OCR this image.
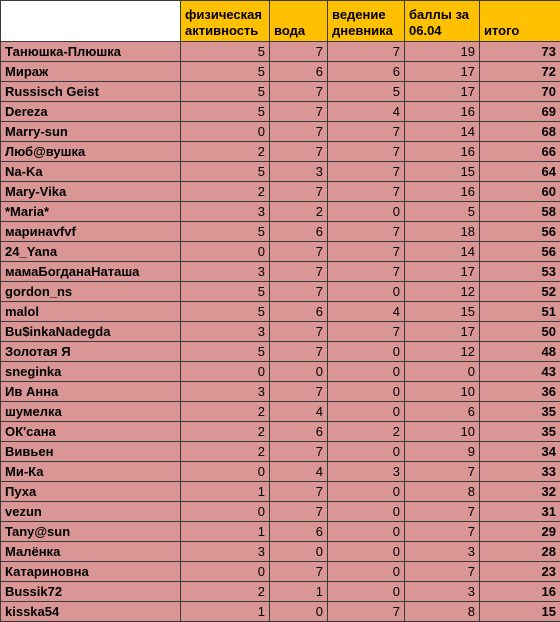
	физическая активность	вода	ведение дневника	баллы за 06.04	итого
Танюшка-Плюшка	5	7	7	19	73
Мираж	5	6	6	17	72
Russisch Geist	5	7	5	17	70
Dereza	5	7	4	16	69
Marry-sun	0	7	7	14	68
Люб@вушка	2	7	7	16	66
Na-Ka	5	3	7	15	64
Mary-Vika	2	7	7	16	60
*Maria*	3	2	0	5	58
маринаvfvf	5	6	7	18	56
24_Yana	0	7	7	14	56
мамаБогданаНаташа	3	7	7	17	53
gordon_ns	5	7	0	12	52
malol	5	6	4	15	51
Bu$inkaNadegda	3	7	7	17	50
Золотая Я	5	7	0	12	48
sneginka	0	0	0	0	43
Ив Анна	3	7	0	10	36
шумелка	2	4	0	6	35
ОК'сана	2	6	2	10	35
Вивьен	2	7	0	9	34
Ми-Ка	0	4	3	7	33
Пуха	1	7	0	8	32
vezun	0	7	0	7	31
Tany@sun	1	6	0	7	29
Малёнка	3	0	0	3	28
Катариновна	0	7	0	7	23
Bussik72	2	1	0	3	16
kisska54	1	0	7	8	15
